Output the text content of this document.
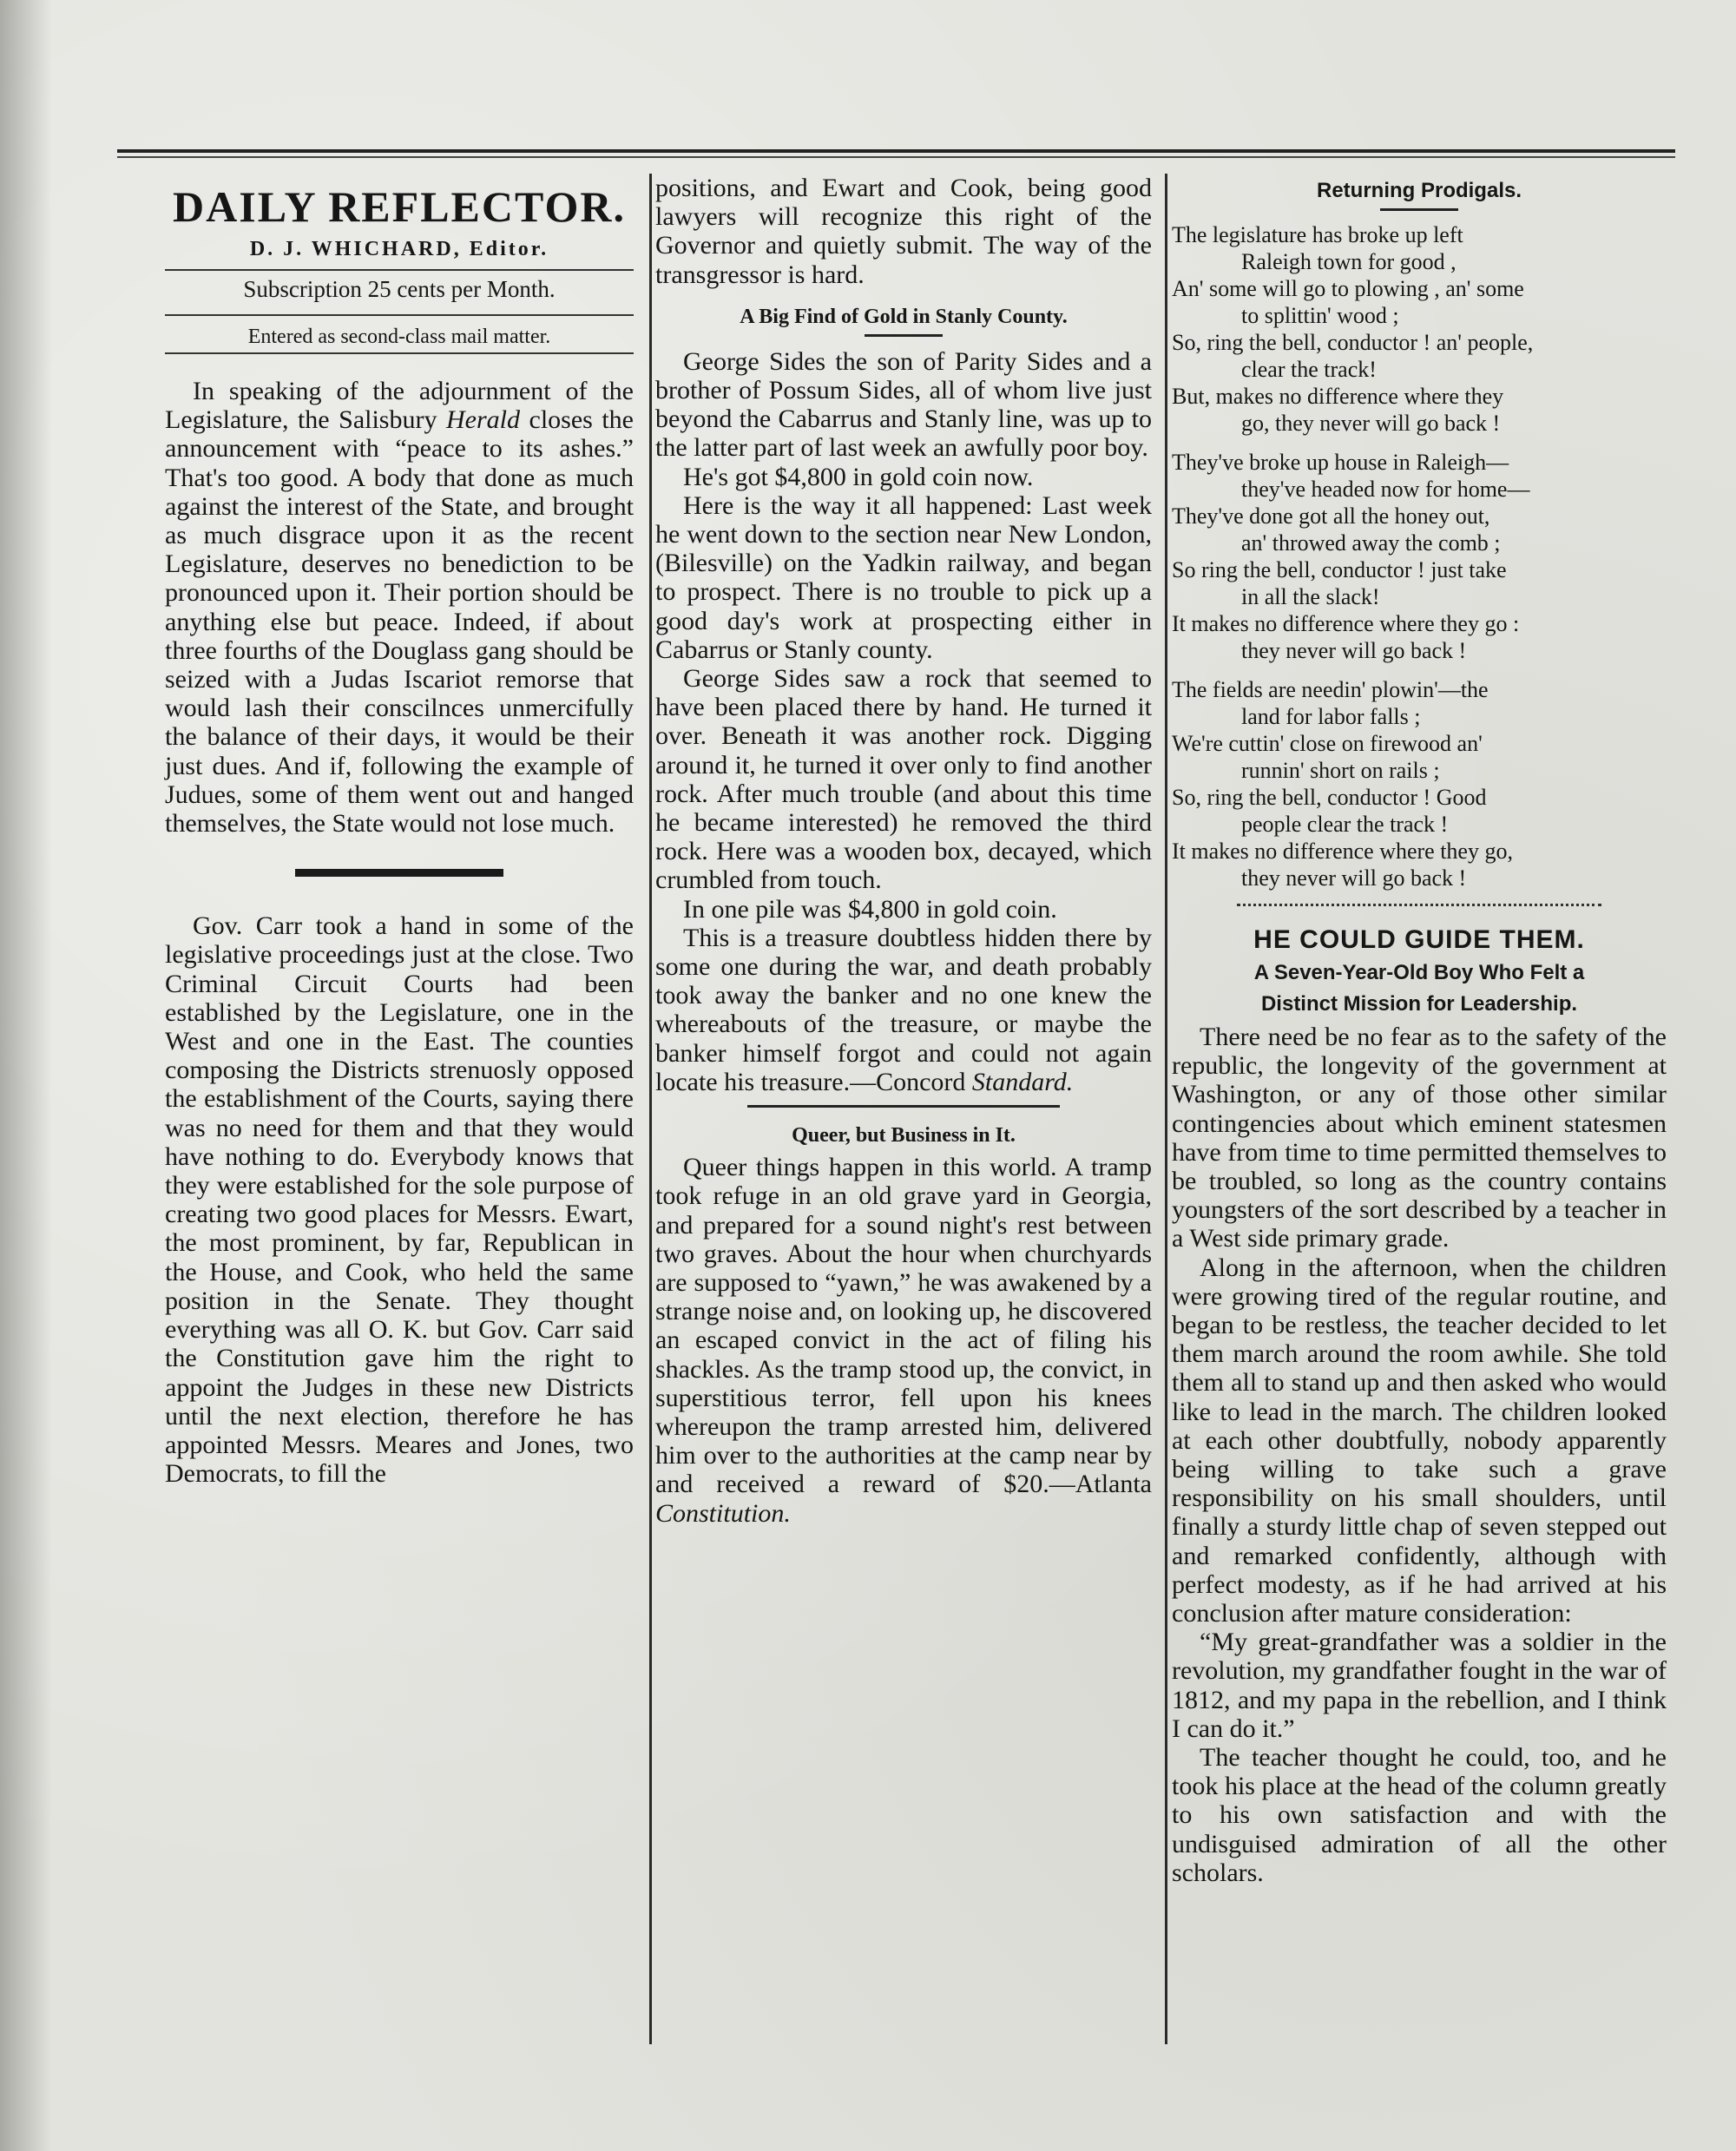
DAILY REFLECTOR.
D. J. WHICHARD, Editor.
Subscription 25 cents per Month.
Entered as second-class mail matter.

In speaking of the adjournment of the Legislature, the Salisbury Herald closes the announcement with “peace to its ashes.” That's too good. A body that done as much against the interest of the State, and brought as much disgrace upon it as the recent Legislature, deserves no benediction to be pronounced upon it. Their portion should be anything else but peace. Indeed, if about three fourths of the Douglass gang should be seized with a Judas Iscariot remorse that would lash their conscilnces unmercifully the balance of their days, it would be their just dues. And if, following the example of Judues, some of them went out and hanged themselves, the State would not lose much.

Gov. Carr took a hand in some of the legislative proceedings just at the close. Two Criminal Circuit Courts had been established by the Legislature, one in the West and one in the East. The counties composing the Districts strenuosly opposed the establishment of the Courts, saying there was no need for them and that they would have nothing to do. Everybody knows that they were established for the sole purpose of creating two good places for Messrs. Ewart, the most prominent, by far, Republican in the House, and Cook, who held the same position in the Senate. They thought everything was all O. K. but Gov. Carr said the Constitution gave him the right to appoint the Judges in these new Districts until the next election, therefore he has appointed Messrs. Meares and Jones, two Democrats, to fill the

positions, and Ewart and Cook, being good lawyers will recognize this right of the Governor and quietly submit. The way of the transgressor is hard.

A Big Find of Gold in Stanly County.

George Sides the son of Parity Sides and a brother of Possum Sides, all of whom live just beyond the Cabarrus and Stanly line, was up to the latter part of last week an awfully poor boy.

He's got $4,800 in gold coin now.

Here is the way it all happened: Last week he went down to the section near New London, (Bilesville) on the Yadkin railway, and began to prospect. There is no trouble to pick up a good day's work at prospecting either in Cabarrus or Stanly county.

George Sides saw a rock that seemed to have been placed there by hand. He turned it over. Beneath it was another rock. Digging around it, he turned it over only to find another rock. After much trouble (and about this time he became interested) he removed the third rock. Here was a wooden box, decayed, which crumbled from touch.

In one pile was $4,800 in gold coin.

This is a treasure doubtless hidden there by some one during the war, and death probably took away the banker and no one knew the whereabouts of the treasure, or maybe the banker himself forgot and could not again locate his treasure.—Concord Standard.

Queer, but Business in It.

Queer things happen in this world. A tramp took refuge in an old grave yard in Georgia, and prepared for a sound night's rest between two graves. About the hour when churchyards are supposed to “yawn,” he was awakened by a strange noise and, on looking up, he discovered an escaped convict in the act of filing his shackles. As the tramp stood up, the convict, in superstitious terror, fell upon his knees whereupon the tramp arrested him, delivered him over to the authorities at the camp near by and received a reward of $20.—Atlanta Constitution.

Returning Prodigals.
The legislature has broke up left
Raleigh town for good ,
An' some will go to plowing , an' some
to splittin' wood ;
So, ring the bell, conductor ! an' people,
clear the track!
But, makes no difference where they
go, they never will go back !
They've broke up house in Raleigh—
they've headed now for home—
They've done got all the honey out,
an' throwed away the comb ;
So ring the bell, conductor ! just take
in all the slack!
It makes no difference where they go :
they never will go back !
The fields are needin' plowin'—the
land for labor falls ;
We're cuttin' close on firewood an'
runnin' short on rails ;
So, ring the bell, conductor ! Good
people clear the track !
It makes no difference where they go,
they never will go back !
HE COULD GUIDE THEM.
A Seven-Year-Old Boy Who Felt a
Distinct Mission for Leadership.

There need be no fear as to the safety of the republic, the longevity of the government at Washington, or any of those other similar contingencies about which eminent statesmen have from time to time permitted themselves to be troubled, so long as the country contains youngsters of the sort described by a teacher in a West side primary grade.

Along in the afternoon, when the children were growing tired of the regular routine, and began to be restless, the teacher decided to let them march around the room awhile. She told them all to stand up and then asked who would like to lead in the march. The children looked at each other doubtfully, nobody apparently being willing to take such a grave responsibility on his small shoulders, until finally a sturdy little chap of seven stepped out and remarked confidently, although with perfect modesty, as if he had arrived at his conclusion after mature consideration:

“My great-grandfather was a soldier in the revolution, my grandfather fought in the war of 1812, and my papa in the rebellion, and I think I can do it.”

The teacher thought he could, too, and he took his place at the head of the column greatly to his own satisfaction and with the undisguised admiration of all the other scholars.
